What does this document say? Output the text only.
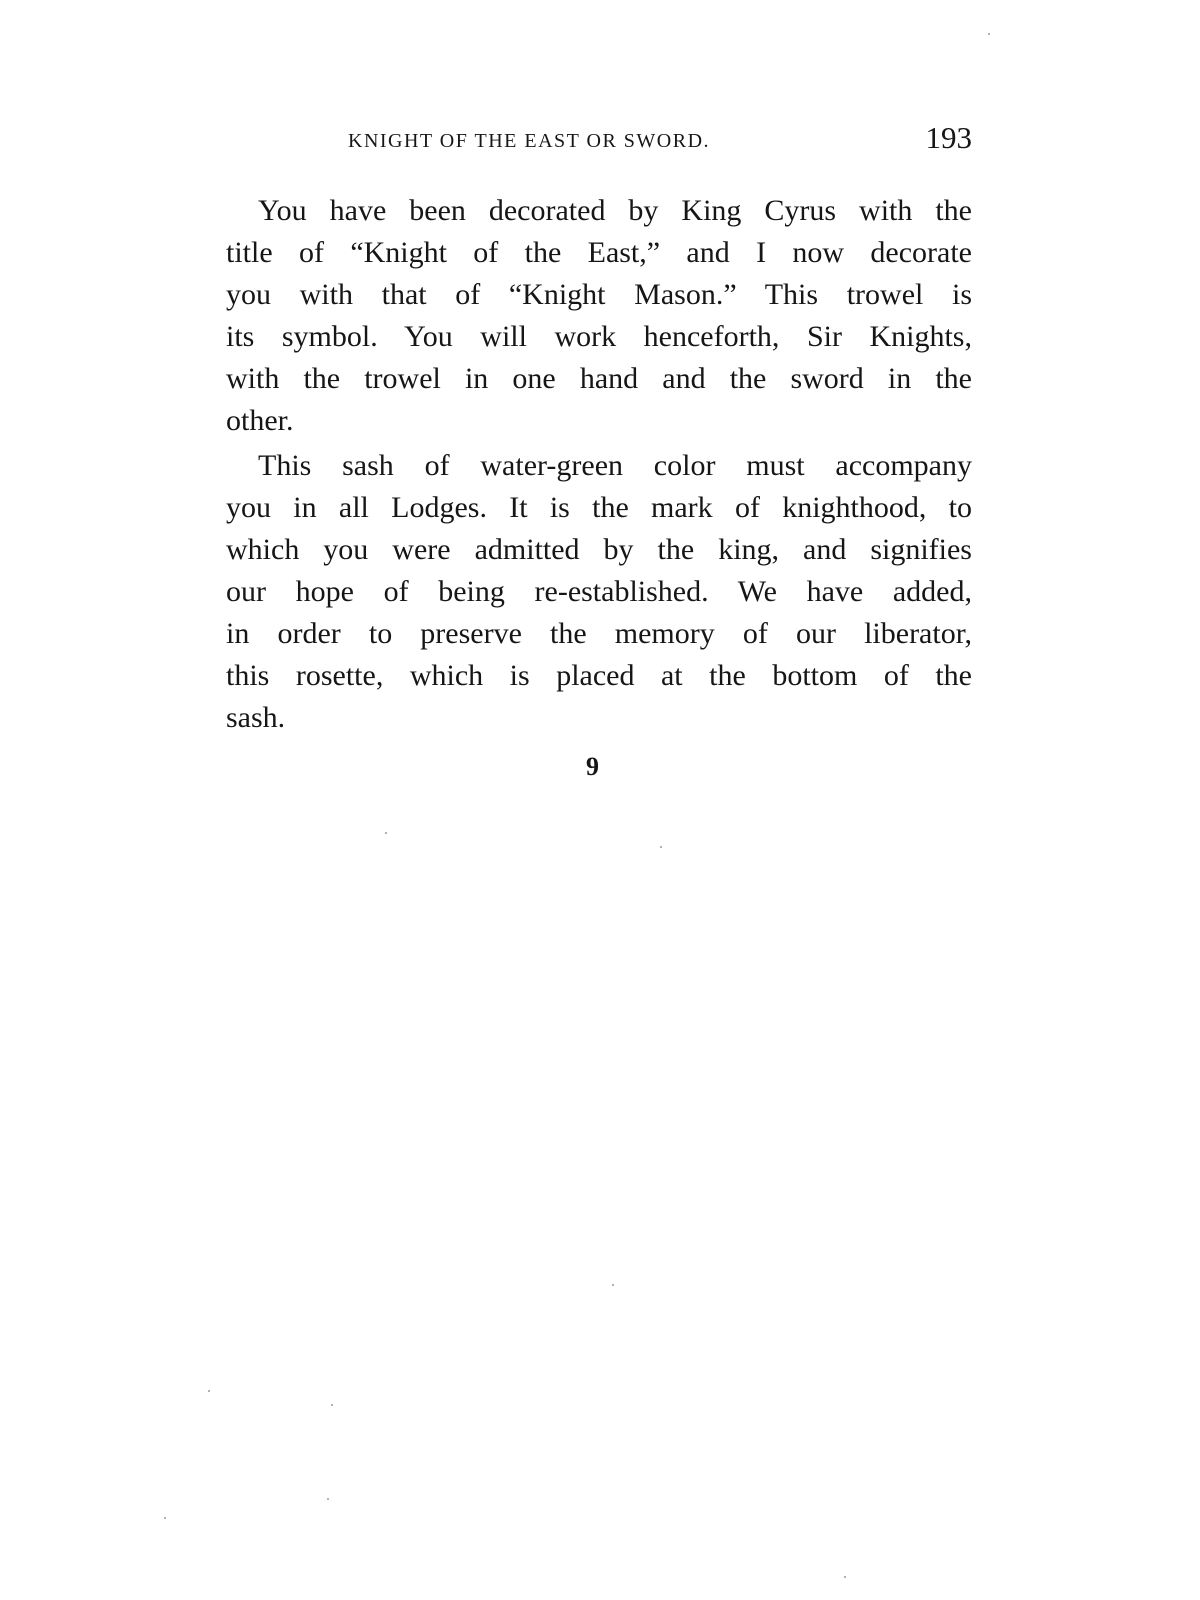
KNIGHT OF THE EAST OR SWORD.	193

You have been decorated by King Cyrus with the
title of “Knight of the East,” and I now decorate
you with that of “Knight Mason.” This trowel is
its symbol. You will work henceforth, Sir Knights,
with the trowel in one hand and the sword in the
other.

This sash of water-green color must accompany
you in all Lodges. It is the mark of knighthood, to
which you were admitted by the king, and signifies
our hope of being re-established. We have added,
in order to preserve the memory of our liberator,
this rosette, which is placed at the bottom of the
sash.

9
